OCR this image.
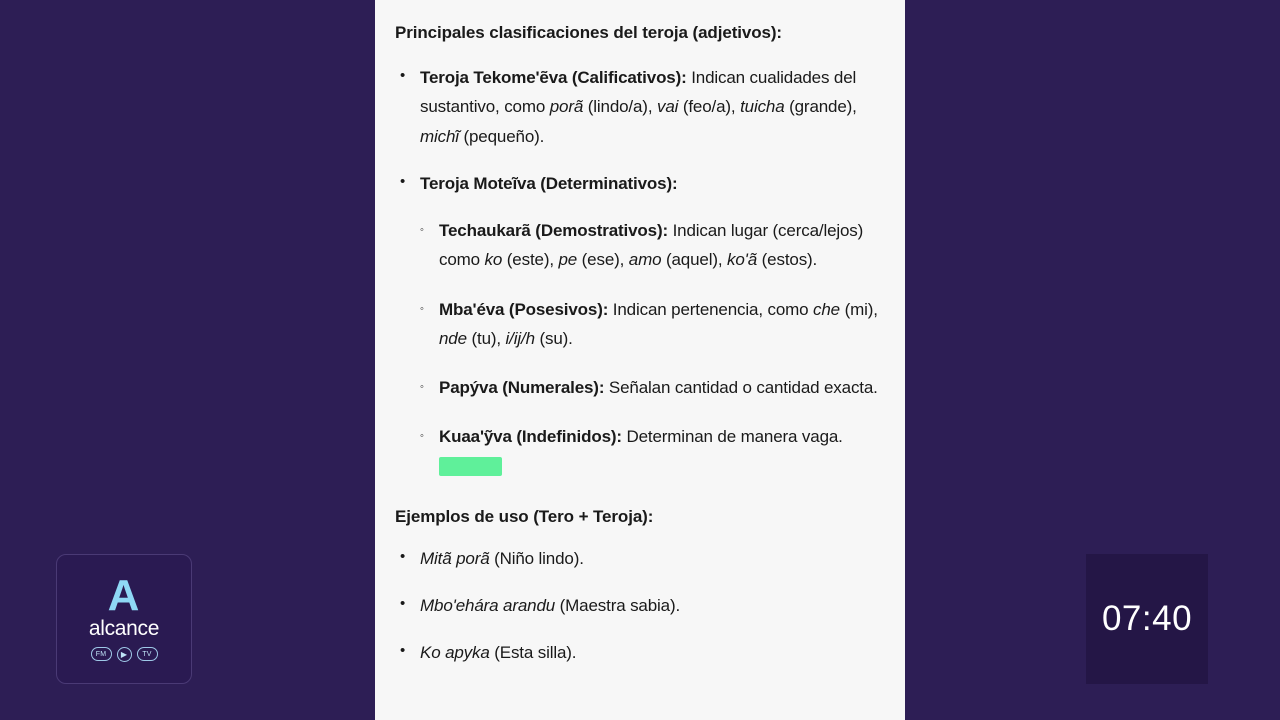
Principales clasificaciones del teroja (adjetivos):
• Teroja Tekome'ẽva (Calificativos): Indican cualidades del sustantivo, como porã (lindo/a), vai (feo/a), tuicha (grande), michĩ (pequeño).
• Teroja Moteĩva (Determinativos):
◦ Techaukarã (Demostrativos): Indican lugar (cerca/lejos) como ko (este), pe (ese), amo (aquel), ko'ã (estos).
◦ Mba'éva (Posesivos): Indican pertenencia, como che (mi), nde (tu), i/ij/h (su).
◦ Papýva (Numerales): Señalan cantidad o cantidad exacta.
◦ Kuaa'ỹva (Indefinidos): Determinan de manera vaga.
Ejemplos de uso (Tero + Teroja):
• Mitã porã (Niño lindo).
• Mbo'ehára arandu (Maestra sabia).
• Ko apyka (Esta silla).
A
alcance
FM	▶	TV
07:40
